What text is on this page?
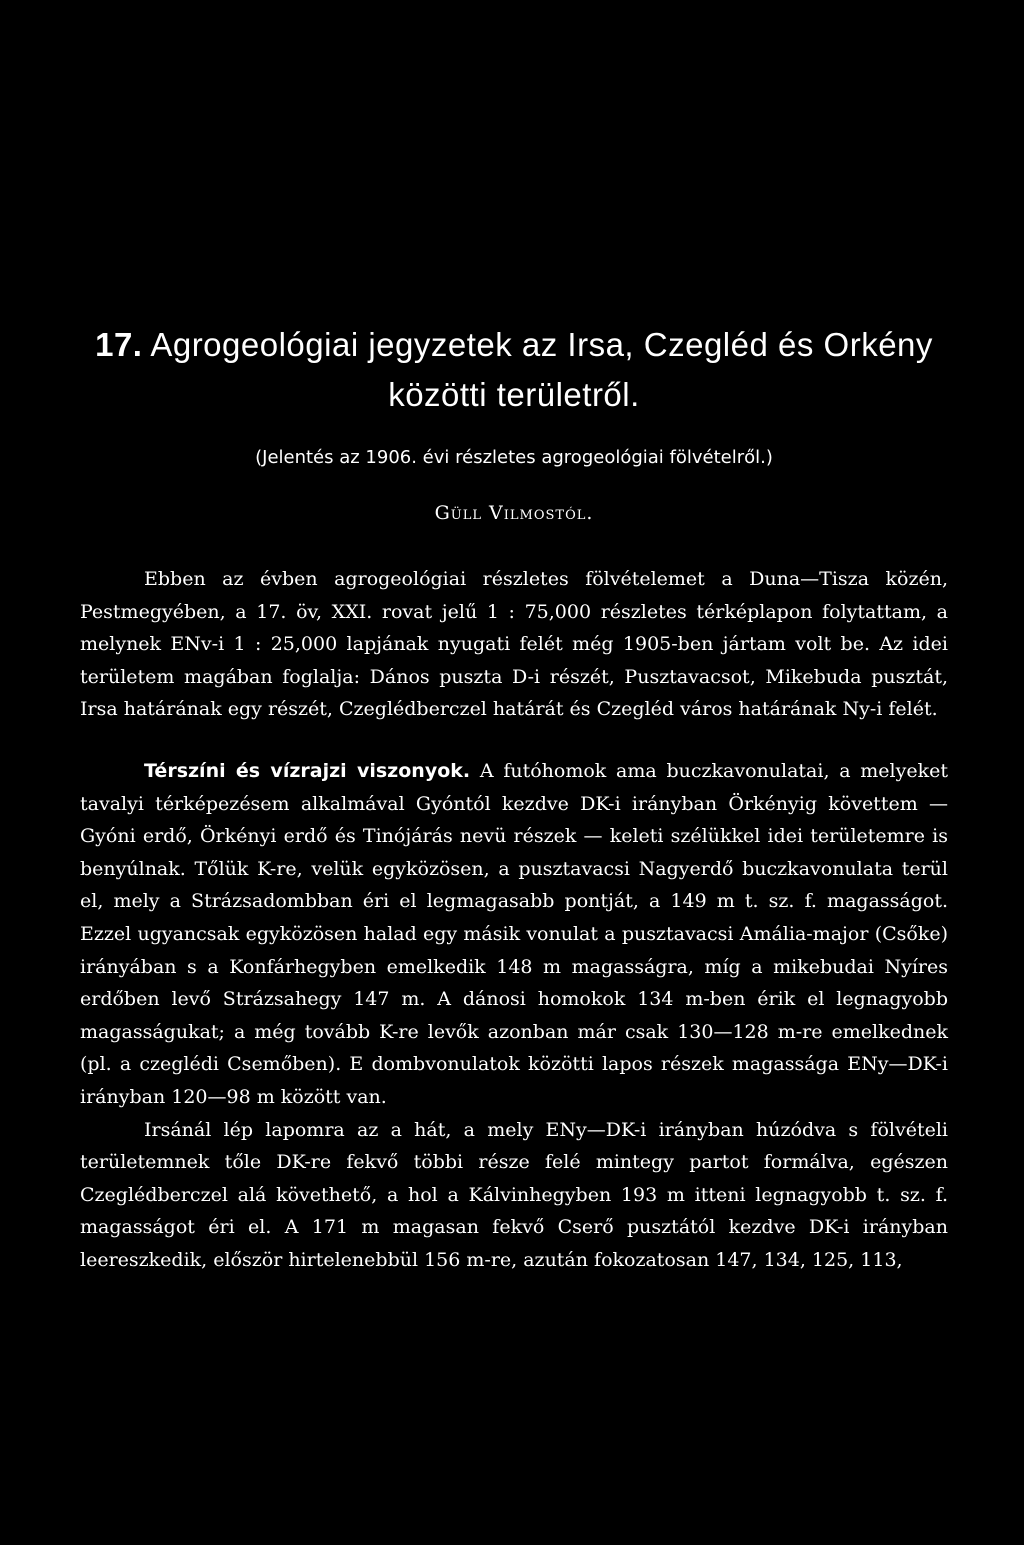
17. Agrogeológiai jegyzetek az Irsa, Czegléd és Orkény
közötti területről.
(Jelentés az 1906. évi részletes agrogeológiai fölvételről.)
Güll Vilmostól.

Ebben az évben agrogeológiai részletes fölvételemet a Duna—Tisza közén, Pestmegyében, a 17. öv, XXI. rovat jelű 1 : 75,000 részletes térképlapon folytattam, a melynek ENv-i 1 : 25,000 lapjának nyugati felét még 1905-ben jártam volt be. Az idei területem magában foglalja: Dános puszta D-i részét, Pusztavacsot, Mikebuda pusztát, Irsa határának egy részét, Czeglédberczel határát és Czegléd város határának Ny-i felét.

Térszíni és vízrajzi viszonyok. A futóhomok ama buczkavonulatai, a melyeket tavalyi térképezésem alkalmával Gyóntól kezdve DK-i irányban Örkényig követtem — Gyóni erdő, Örkényi erdő és Tinójárás nevü részek — keleti szélükkel idei területemre is benyúlnak. Tőlük K-re, velük egyközösen, a pusztavacsi Nagyerdő buczkavonulata terül el, mely a Strázsadombban éri el legmagasabb pontját, a 149 m t. sz. f. magasságot. Ezzel ugyancsak egyközösen halad egy másik vonulat a pusztavacsi Amália-major (Csőke) irányában s a Konfárhegyben emelkedik 148 m magasságra, míg a mikebudai Nyíres erdőben levő Strázsahegy 147 m. A dánosi homokok 134 m-ben érik el legnagyobb magasságukat; a még tovább K-re levők azonban már csak 130—128 m-re emelkednek (pl. a czeglédi Csemőben). E dombvonulatok közötti lapos részek magassága ENy—DK-i irányban 120—98 m között van.

Irsánál lép lapomra az a hát, a mely ENy—DK-i irányban húzódva s fölvételi területemnek tőle DK-re fekvő többi része felé mintegy partot formálva, egészen Czeglédberczel alá követhető, a hol a Kálvinhegyben 193 m itteni legnagyobb t. sz. f. magasságot éri el. A 171 m magasan fekvő Cserő pusztától kezdve DK-i irányban leereszkedik, először hirtelenebbül 156 m-re, azután fokozatosan 147, 134, 125, 113,
